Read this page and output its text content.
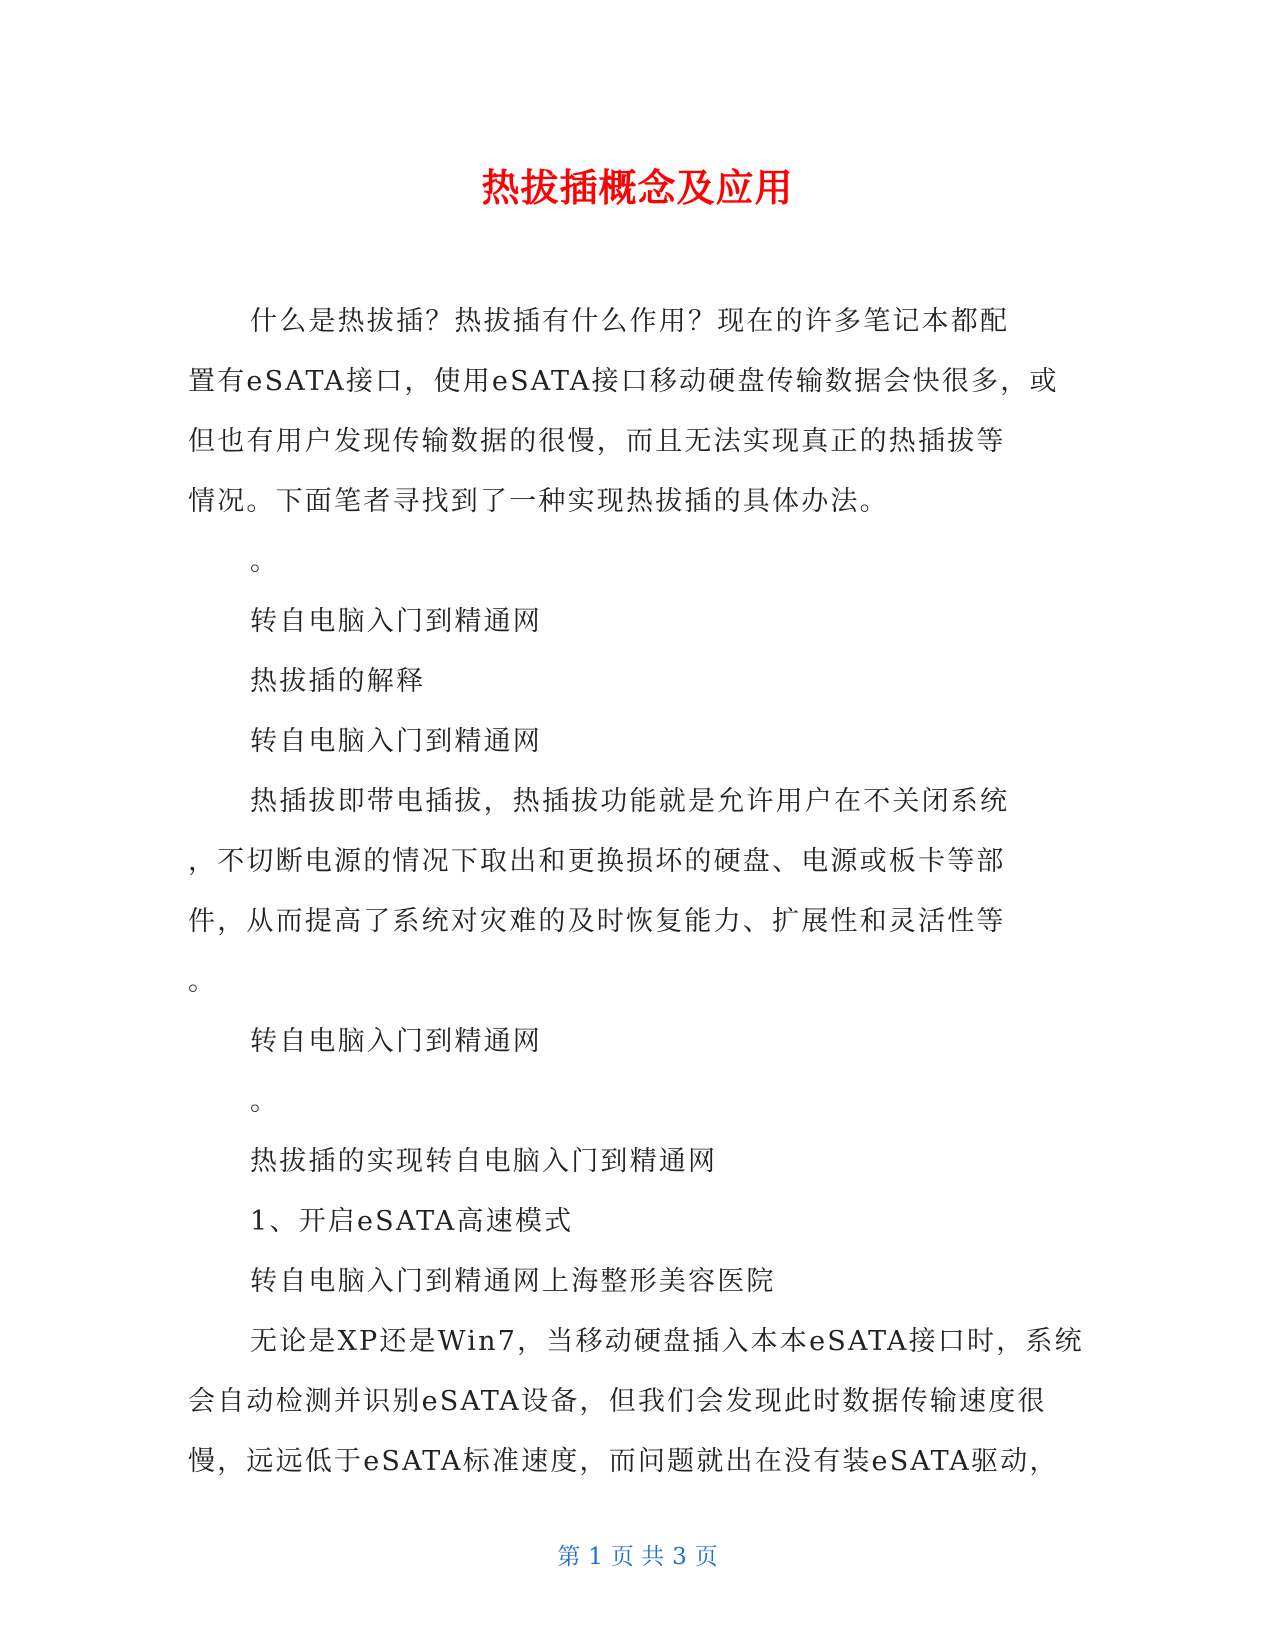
热拔插概念及应用
什么是热拔插？热拔插有什么作用？现在的许多笔记本都配
置有eSATA接口，使用eSATA接口移动硬盘传输数据会快很多，或
但也有用户发现传输数据的很慢，而且无法实现真正的热插拔等
情况。下面笔者寻找到了一种实现热拔插的具体办法。
。
转自电脑入门到精通网
热拔插的解释
转自电脑入门到精通网
热插拔即带电插拔，热插拔功能就是允许用户在不关闭系统
，不切断电源的情况下取出和更换损坏的硬盘、电源或板卡等部
件，从而提高了系统对灾难的及时恢复能力、扩展性和灵活性等
。
转自电脑入门到精通网
。
热拔插的实现转自电脑入门到精通网
1、开启eSATA高速模式
转自电脑入门到精通网上海整形美容医院
无论是XP还是Win7，当移动硬盘插入本本eSATA接口时，系统
会自动检测并识别eSATA设备，但我们会发现此时数据传输速度很
慢，远远低于eSATA标准速度，而问题就出在没有装eSATA驱动，
第 1 页 共 3 页
